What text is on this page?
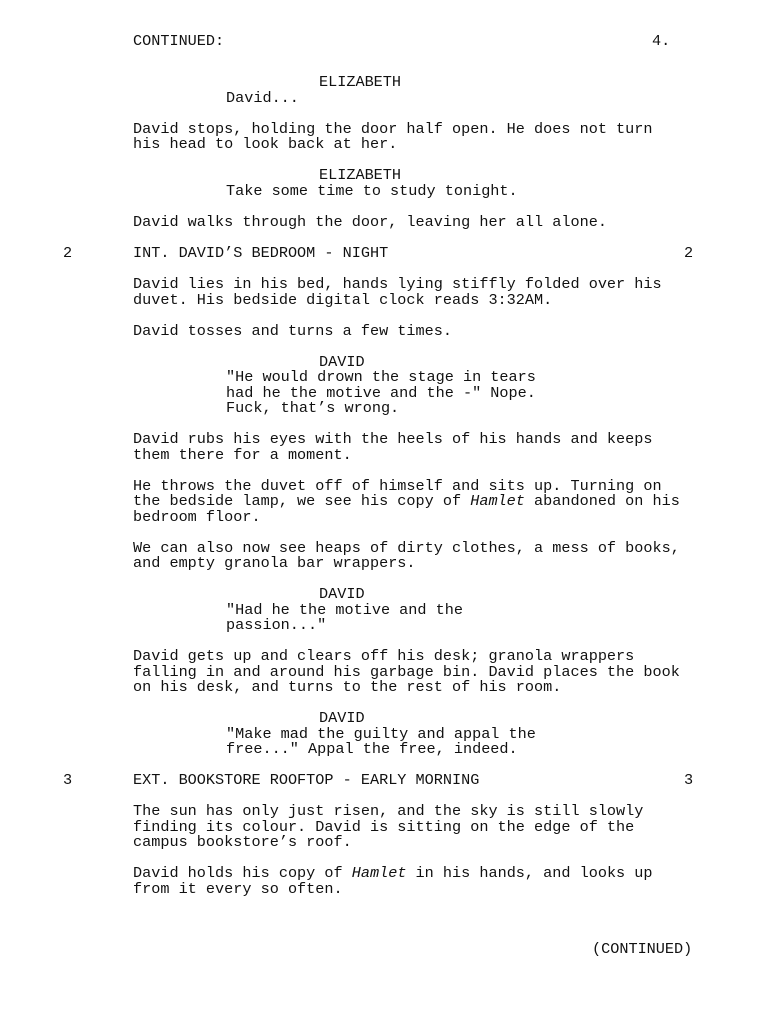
CONTINUED:	4.
ELIZABETH
David...
David stops, holding the door half open. He does not turn
his head to look back at her.
ELIZABETH
Take some time to study tonight.
David walks through the door, leaving her all alone.
2	INT. DAVID’S BEDROOM - NIGHT	2
David lies in his bed, hands lying stiffly folded over his
duvet. His bedside digital clock reads 3:32AM.
David tosses and turns a few times.
DAVID
"He would drown the stage in tears
had he the motive and the -" Nope.
Fuck, that’s wrong.
David rubs his eyes with the heels of his hands and keeps
them there for a moment.
He throws the duvet off of himself and sits up. Turning on
the bedside lamp, we see his copy of Hamlet abandoned on his
bedroom floor.
We can also now see heaps of dirty clothes, a mess of books,
and empty granola bar wrappers.
DAVID
"Had he the motive and the
passion..."
David gets up and clears off his desk; granola wrappers
falling in and around his garbage bin. David places the book
on his desk, and turns to the rest of his room.
DAVID
"Make mad the guilty and appal the
free..." Appal the free, indeed.
3	EXT. BOOKSTORE ROOFTOP - EARLY MORNING	3
The sun has only just risen, and the sky is still slowly
finding its colour. David is sitting on the edge of the
campus bookstore’s roof.
David holds his copy of Hamlet in his hands, and looks up
from it every so often.
(CONTINUED)
